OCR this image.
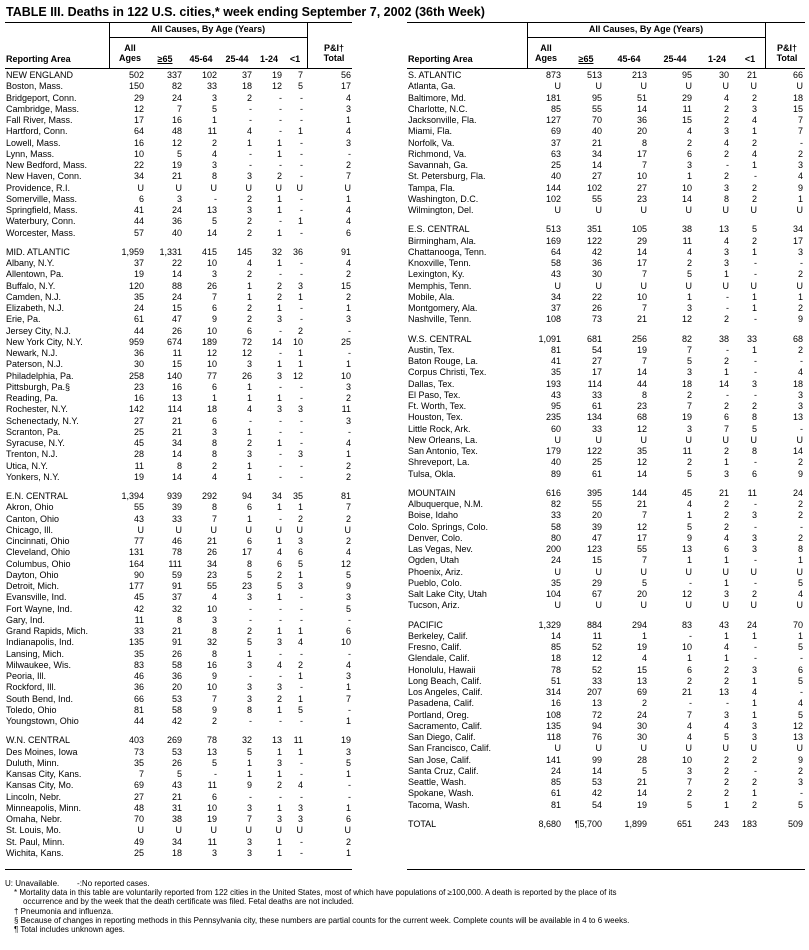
TABLE III. Deaths in 122 U.S. cities,* week ending September 7, 2002 (36th Week)
All Causes, By Age (Years)
Reporting Area
All Ages	≥65	45-64	25-44	1-24	<1
P&I† Total
NEW ENGLAND	502	337 102	37 19 7	56
Boston, Mass.	150	82	33	18 12 5	17
Bridgeport, Conn.	29	24	3	2	- -	4
Cambridge, Mass.	12	7	5	-	- -	3
Fall River, Mass.	17	16	1	-	- -	1
Hartford, Conn.	64	48	11	4	- 1	4
Lowell, Mass.	16	12	2	1	1 -	3
Lynn, Mass.	10	5	4	-	1 -	-
New Bedford, Mass.	22	19	3	-	- -	2
New Haven, Conn.	34	21	8	3	2 -	7
Providence, R.I.	U	U	U	U	U U	U
Somerville, Mass.	6	3	-	2	1 -	1
Springfield, Mass.	41	24	13	3	1 -	4
Waterbury, Conn.	44	36	5	2	- 1	4
Worcester, Mass.	57	40	14	2	1 -	6
MID. ATLANTIC	1,959 1,331 415 145 32 36	91
Albany, N.Y.	37	22	10	4	1 -	4
Allentown, Pa.	19	14	3	2	- -	2
Buffalo, N.Y.	120	88	26	1	2 3	15
Camden, N.J.	35	24	7	1	2 1	2
Elizabeth, N.J.	24	15	6	2	1 -	1
Erie, Pa.	61	47	9	2	3 -	3
Jersey City, N.J.	44	26	10	6	- 2	-
New York City, N.Y.	959	674 189	72 14 10	25
Newark, N.J.	36	11	12	12	- 1	-
Paterson, N.J.	30	15	10	3	1 1	1
Philadelphia, Pa.	258	140	77	26	3 12	10
Pittsburgh, Pa.§	23	16	6	1	- -	3
Reading, Pa.	16	13	1	1	1 -	2
Rochester, N.Y.	142	114	18	4	3 3	11
Schenectady, N.Y.	27	21	6	-	- -	3
Scranton, Pa.	25	21	3	1	- -	-
Syracuse, N.Y.	45	34	8	2	1 -	4
Trenton, N.J.	28	14	8	3	- 3	1
Utica, N.Y.	11	8	2	1	- -	2
Yonkers, N.Y.	19	14	4	1	- -	2
E.N. CENTRAL	1,394	939 292	94 34 35	81
Akron, Ohio	55	39	8	6	1 1	7
Canton, Ohio	43	33	7	1	- 2	2
Chicago, Ill.	U	U	U	U	U U	U
Cincinnati, Ohio	77	46	21	6	1 3	2
Cleveland, Ohio	131	78	26	17	4 6	4
Columbus, Ohio	164	111	34	8	6 5	12
Dayton, Ohio	90	59	23	5	2 1	5
Detroit, Mich.	177	91	55	23	5 3	9
Evansville, Ind.	45	37	4	3	1 -	3
Fort Wayne, Ind.	42	32	10	-	- -	5
Gary, Ind.	11	8	3	-	- -	-
Grand Rapids, Mich.	33	21	8	2	1 1	6
Indianapolis, Ind.	135	91	32	5	3 4	10
Lansing, Mich.	35	26	8	1	- -	-
Milwaukee, Wis.	83	58	16	3	4 2	4
Peoria, Ill.	46	36	9	-	- 1	3
Rockford, Ill.	36	20	10	3	3 -	1
South Bend, Ind.	66	53	7	3	2 1	7
Toledo, Ohio	81	58	9	8	1 5	-
Youngstown, Ohio	44	42	2	-	- -	1
W.N. CENTRAL	403	269	78	32 13 11	19
Des Moines, Iowa	73	53	13	5	1 1	3
Duluth, Minn.	35	26	5	1	3 -	5
Kansas City, Kans.	7	5	-	1	1 -	1
Kansas City, Mo.	69	43	11	9	2 4	-
Lincoln, Nebr.	27	21	6	-	- -	-
Minneapolis, Minn.	48	31	10	3	1 3	1
Omaha, Nebr.	70	38	19	7	3 3	6
St. Louis, Mo.	U	U	U	U	U U	U
St. Paul, Minn.	49	34	11	3	1 -	2
Wichita, Kans.	25	18	3	3	1 -	1
All Causes, By Age (Years)
Reporting Area
All Ages	≥65	45-64	25-44	1-24	<1
P&I† Total
S. ATLANTIC	873	513	213	95	30 21	66
Atlanta, Ga.	U	U	U	U	U U	U
Baltimore, Md.	181	95	51	29	4	2	18
Charlotte, N.C.	85	55	14	11	2	3	15
Jacksonville, Fla.	127	70	36	15	2	4	7
Miami, Fla.	69	40	20	4	3	1	7
Norfolk, Va.	37	21	8	2	4	2	-
Richmond, Va.	63	34	17	6	2	4	2
Savannah, Ga.	25	14	7	3	-	1	3
St. Petersburg, Fla.	40	27	10	1	2	-	4
Tampa, Fla.	144	102	27	10	3	2	9
Washington, D.C.	102	55	23	14	8	2	1
Wilmington, Del.	U	U	U	U	U U	U
E.S. CENTRAL	513	351	105	38	13	5	34
Birmingham, Ala.	169	122	29	11	4	2	17
Chattanooga, Tenn.	64	42	14	4	3	1	3
Knoxville, Tenn.	58	36	17	2	3	-	-
Lexington, Ky.	43	30	7	5	1	-	2
Memphis, Tenn.	U	U	U	U	U U	U
Mobile, Ala.	34	22	10	1	-	1	1
Montgomery, Ala.	37	26	7	3	-	1	2
Nashville, Tenn.	108	73	21	12	2	-	9
W.S. CENTRAL	1,091	681	256	82	38 33	68
Austin, Tex.	81	54	19	7	-	1	2
Baton Rouge, La.	41	27	7	5	2	-	-
Corpus Christi, Tex.	35	17	14	3	1	-	4
Dallas, Tex.	193	114	44	18	14	3	18
El Paso, Tex.	43	33	8	2	-	-	3
Ft. Worth, Tex.	95	61	23	7	2	2	3
Houston, Tex.	235	134	68	19	6	8	13
Little Rock, Ark.	60	33	12	3	7	5	-
New Orleans, La.	U	U	U	U	U U	U
San Antonio, Tex.	179	122	35	11	2	8	14
Shreveport, La.	40	25	12	2	1	-	2
Tulsa, Okla.	89	61	14	5	3	6	9
MOUNTAIN	616	395	144	45	21 11	24
Albuquerque, N.M.	82	55	21	4	2	-	2
Boise, Idaho	33	20	7	1	2	3	2
Colo. Springs, Colo.	58	39	12	5	2	-	-
Denver, Colo.	80	47	17	9	4	3	2
Las Vegas, Nev.	200	123	55	13	6	3	8
Ogden, Utah	24	15	7	1	1	-	1
Phoenix, Ariz.	U	U	U	U	U U	U
Pueblo, Colo.	35	29	5	-	1	-	5
Salt Lake City, Utah	104	67	20	12	3	2	4
Tucson, Ariz.	U	U	U	U	U U	U
PACIFIC	1,329	884	294	83	43 24	70
Berkeley, Calif.	14	11	1	-	1	1	1
Fresno, Calif.	85	52	19	10	4	-	5
Glendale, Calif.	18	12	4	1	1	-	-
Honolulu, Hawaii	78	52	15	6	2	3	6
Long Beach, Calif.	51	33	13	2	2	1	5
Los Angeles, Calif.	314	207	69	21	13	4	-
Pasadena, Calif.	16	13	2	-	-	1	4
Portland, Oreg.	108	72	24	7	3	1	5
Sacramento, Calif.	135	94	30	4	4	3	12
San Diego, Calif.	118	76	30	4	5	3	13
San Francisco, Calif.	U	U	U	U	U U	U
San Jose, Calif.	141	99	28	10	2	2	9
Santa Cruz, Calif.	24	14	5	3	2	-	2
Seattle, Wash.	85	53	21	7	2	2	3
Spokane, Wash.	61	42	14	2	2	1	-
Tacoma, Wash.	81	54	19	5	1	2	5
TOTAL	8,680 ¶5,700 1,899	651 243 183	509
U: Unavailable. -:No reported cases.
* Mortality data in this table are voluntarily reported from 122 cities in the United States, most of which have populations of ≥100,000. A death is reported by the place of its
occurrence and by the week that the death certificate was filed. Fetal deaths are not included.
† Pneumonia and influenza.
§ Because of changes in reporting methods in this Pennsylvania city, these numbers are partial counts for the current week. Complete counts will be available in 4 to 6 weeks.
¶ Total includes unknown ages.
